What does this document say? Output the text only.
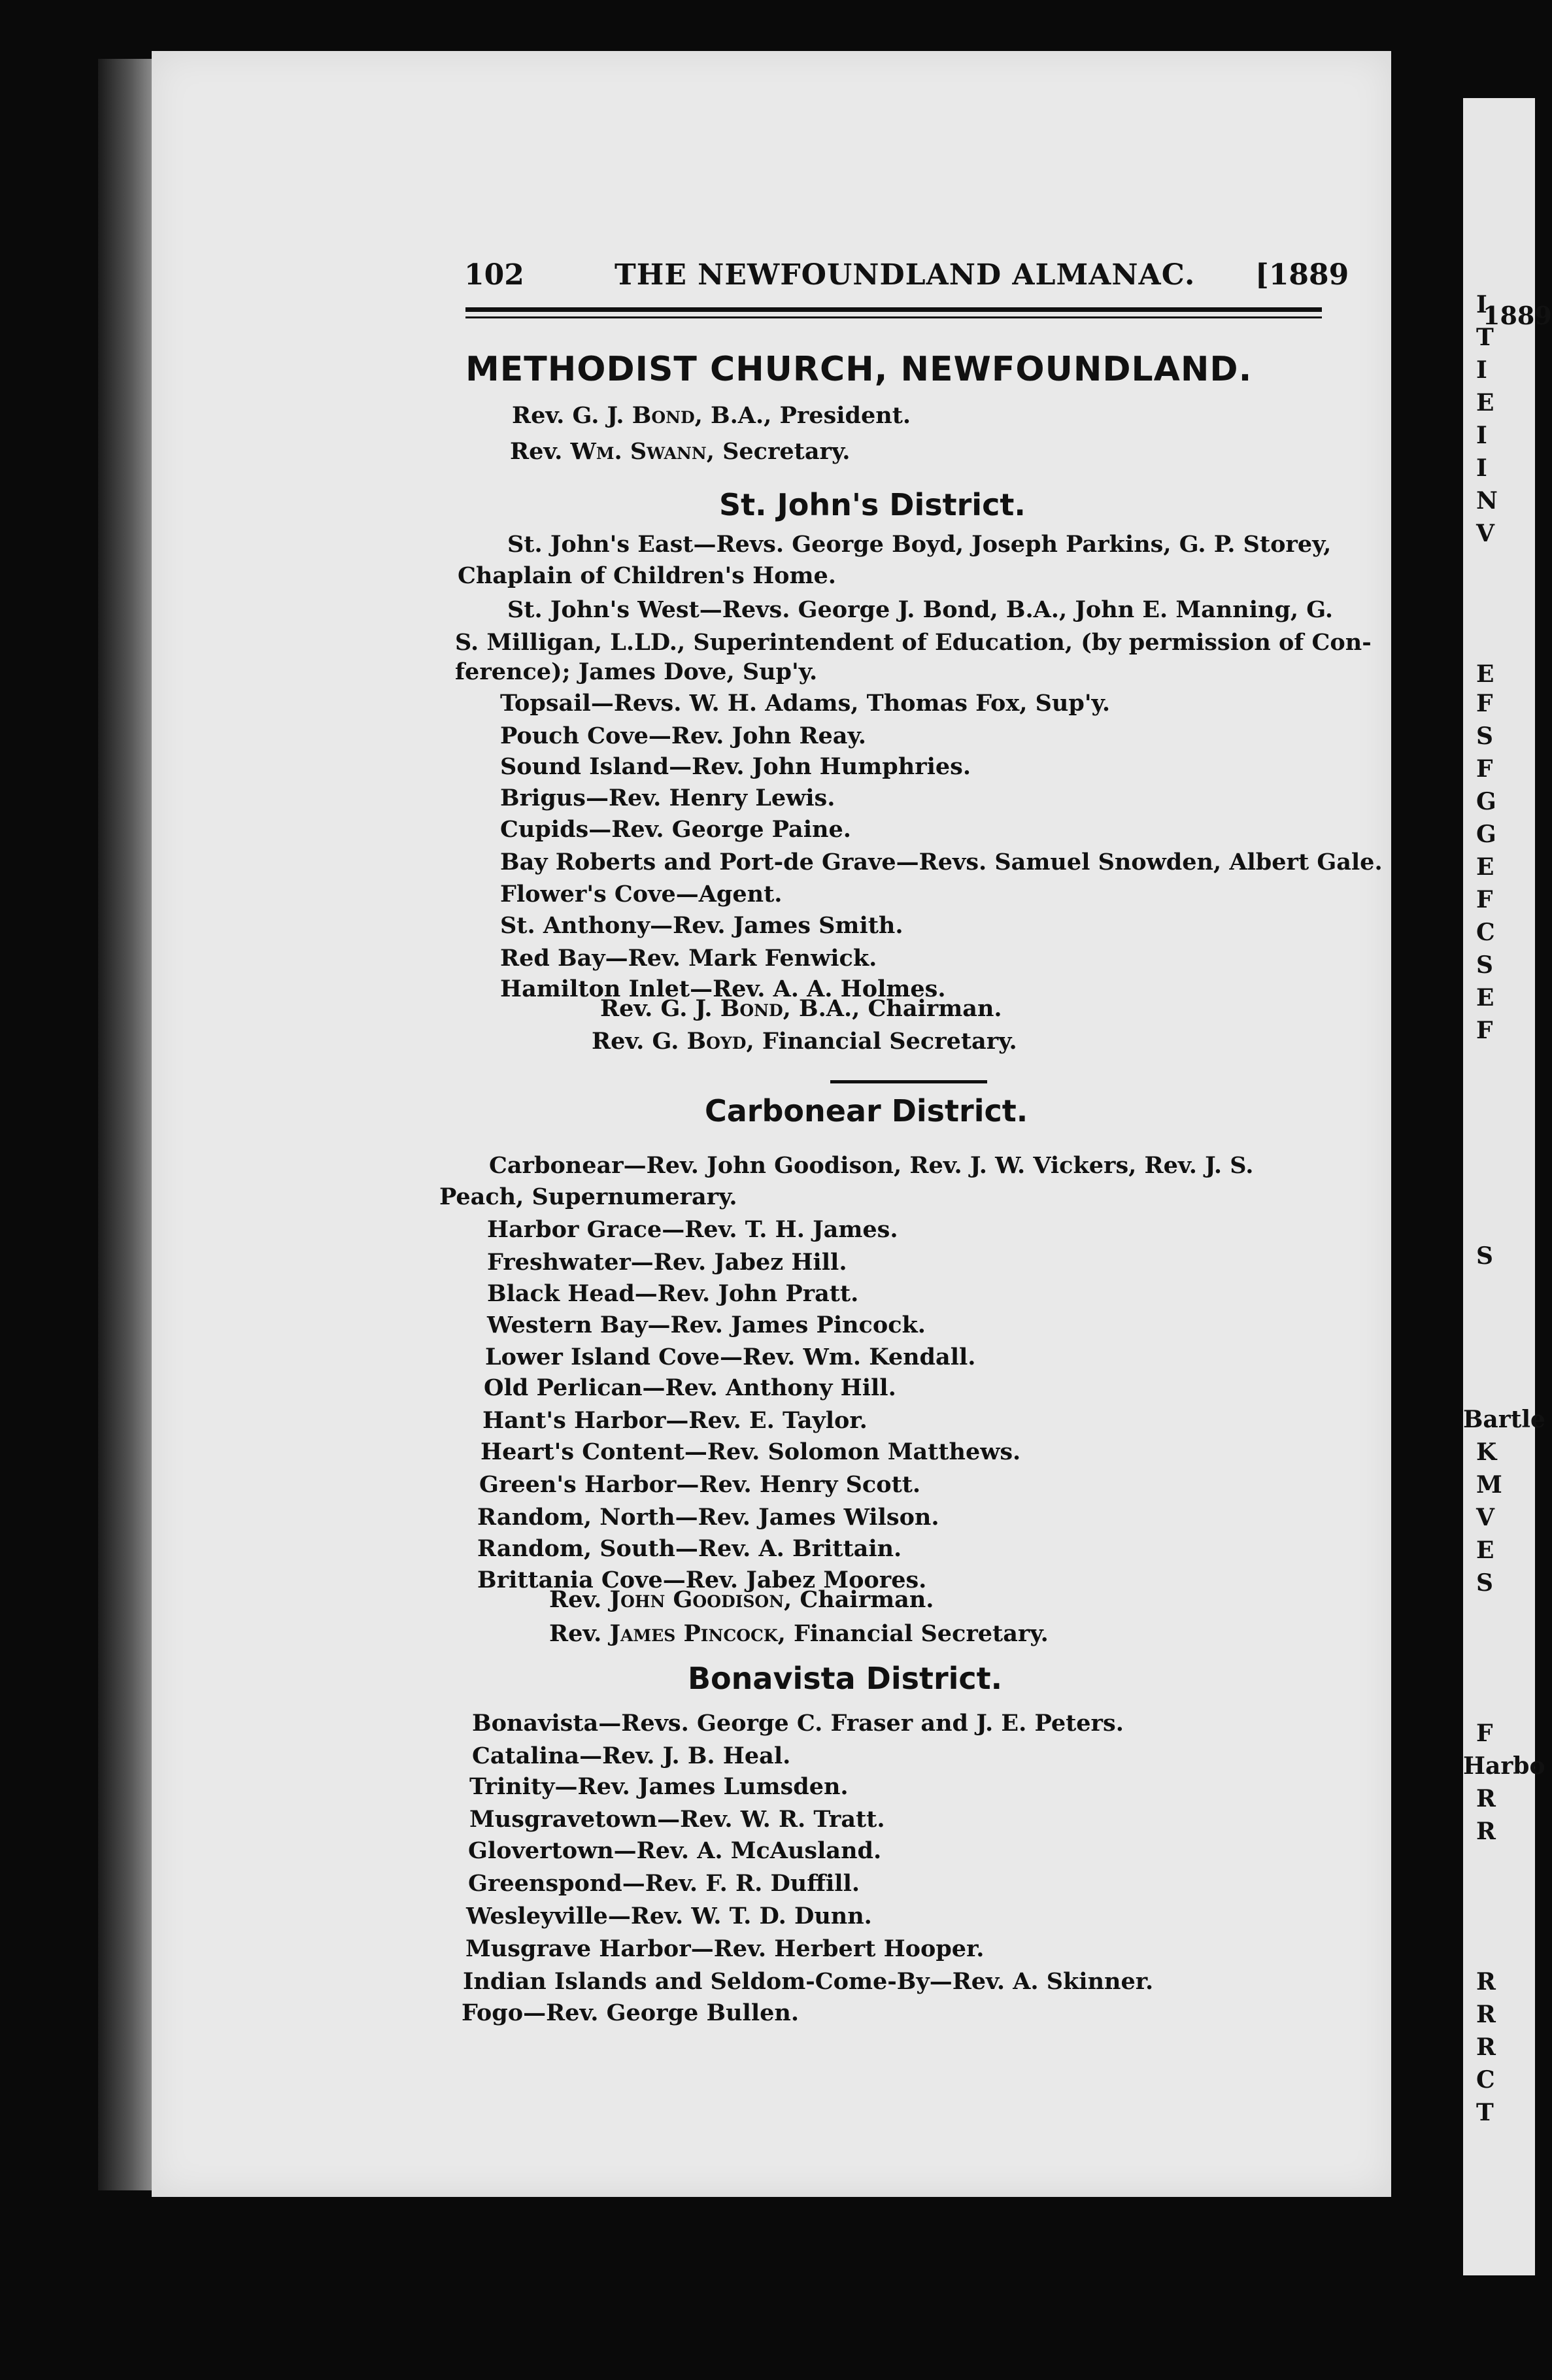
1889
I
T
I
E
I
I
N
V
E
F
S
F
G
G
E
F
C
S
E
F
S
Bartle
K
M
V
E
S
F
Harbo
R
R
R
R
R
C
T
102	THE NEWFOUNDLAND ALMANAC. [1889
METHODIST CHURCH, NEWFOUNDLAND.
Rev. G. J. Bond, B.A., President.
Rev. Wm. Swann, Secretary.
St. John's District.
St. John's East—Revs. George Boyd, Joseph Parkins, G. P. Storey,
Chaplain of Children's Home.
St. John's West—Revs. George J. Bond, B.A., John E. Manning, G.
S. Milligan, L.LD., Superintendent of Education, (by permission of Con-
ference); James Dove, Sup'y.
Topsail—Revs. W. H. Adams, Thomas Fox, Sup'y.
Pouch Cove—Rev. John Reay.
Sound Island—Rev. John Humphries.
Brigus—Rev. Henry Lewis.
Cupids—Rev. George Paine.
Bay Roberts and Port-de Grave—Revs. Samuel Snowden, Albert Gale.
Flower's Cove—Agent.
St. Anthony—Rev. James Smith.
Red Bay—Rev. Mark Fenwick.
Hamilton Inlet—Rev. A. A. Holmes.
Rev. G. J. Bond, B.A., Chairman.
Rev. G. Boyd, Financial Secretary.
Carbonear District.
Carbonear—Rev. John Goodison, Rev. J. W. Vickers, Rev. J. S.
Peach, Supernumerary.
Harbor Grace—Rev. T. H. James.
Freshwater—Rev. Jabez Hill.
Black Head—Rev. John Pratt.
Western Bay—Rev. James Pincock.
Lower Island Cove—Rev. Wm. Kendall.
Old Perlican—Rev. Anthony Hill.
Hant's Harbor—Rev. E. Taylor.
Heart's Content—Rev. Solomon Matthews.
Green's Harbor—Rev. Henry Scott.
Random, North—Rev. James Wilson.
Random, South—Rev. A. Brittain.
Brittania Cove—Rev. Jabez Moores.
Rev. John Goodison, Chairman.
Rev. James Pincock, Financial Secretary.
Bonavista District.
Bonavista—Revs. George C. Fraser and J. E. Peters.
Catalina—Rev. J. B. Heal.
Trinity—Rev. James Lumsden.
Musgravetown—Rev. W. R. Tratt.
Glovertown—Rev. A. McAusland.
Greenspond—Rev. F. R. Duffill.
Wesleyville—Rev. W. T. D. Dunn.
Musgrave Harbor—Rev. Herbert Hooper.
Indian Islands and Seldom-Come-By—Rev. A. Skinner.
Fogo—Rev. George Bullen.
